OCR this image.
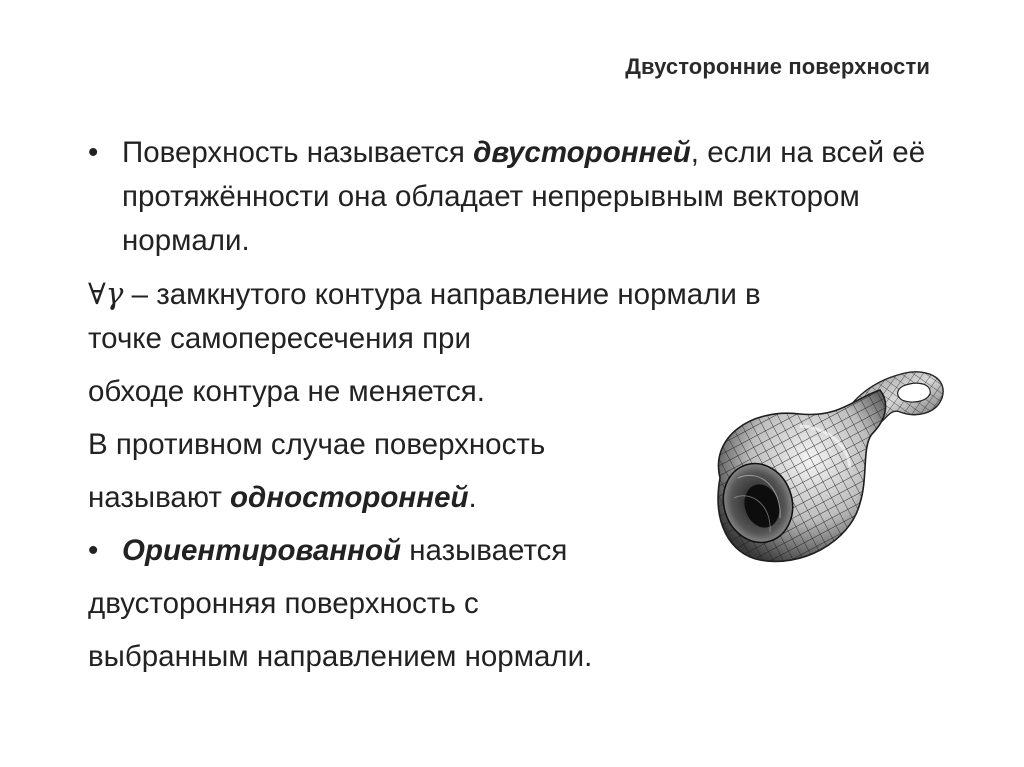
Двусторонние поверхности

• Поверхность называется двусторонней, если на всей её протяжённости она обладает непрерывным вектором нормали.

∀γ – замкнутого контура направление нормали в
точке самопересечения при

обходе контура не меняется.

В противном случае поверхность

называют односторонней.

• Ориентированной называется

двусторонняя поверхность с

выбранным направлением нормали.
